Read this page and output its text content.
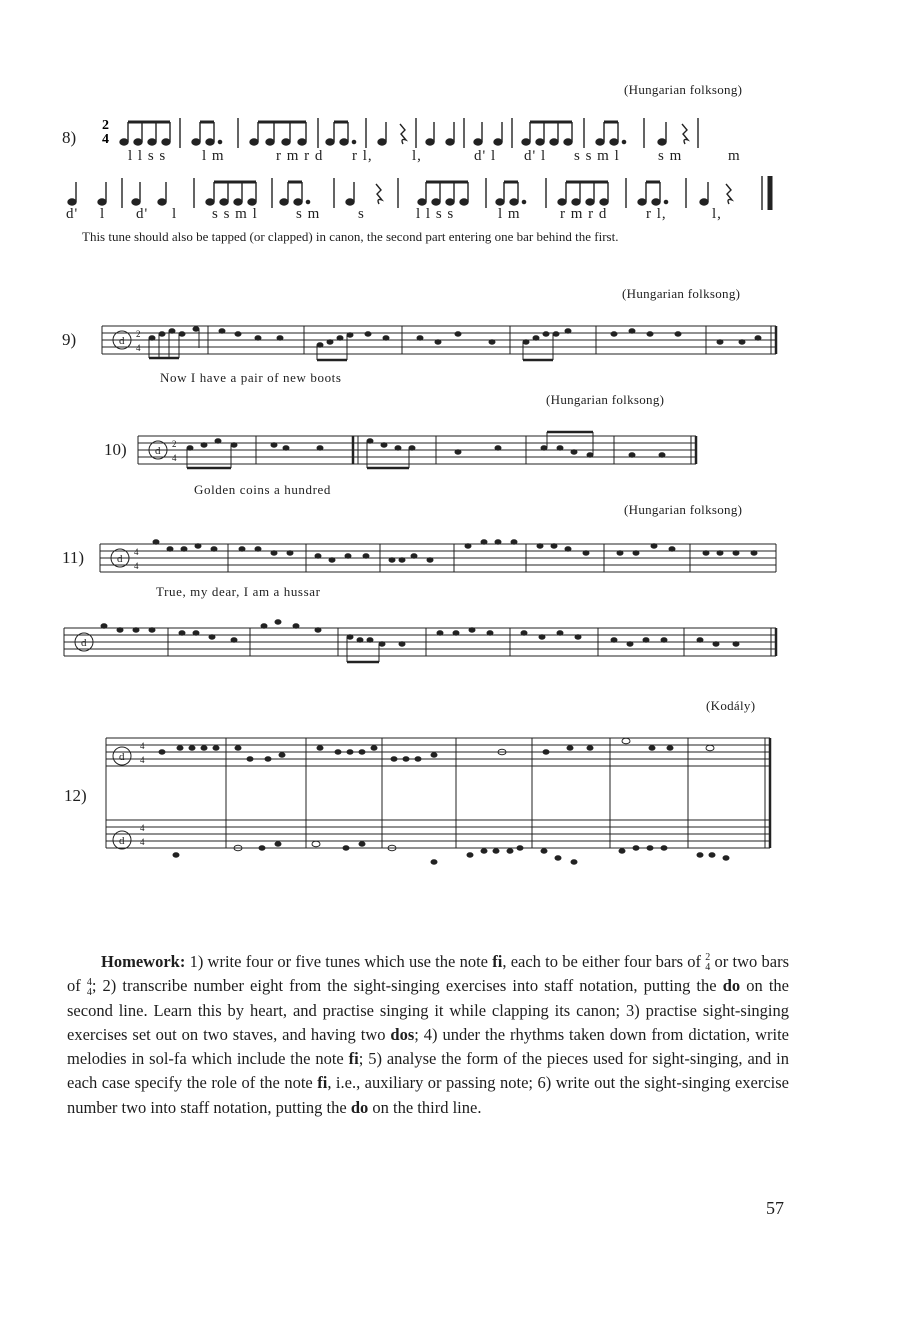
(Hungarian folksong)
8)
2
4
l l s s l m	r m r d r l,	l,	d' l d' l s s m l	s m	m
d' l d' l s s m l	s m	s	l l s s	l m	r m r d	r l,	l,
This tune should also be tapped (or clapped) in canon, the second part entering one bar behind the first.
(Hungarian folksong)
9)	d
2
4
Now I have a pair of new boots
(Hungarian folksong)
10)	d
2
4
Golden coins a hundred
(Hungarian folksong)
11)	d
4
4
True, my dear, I am a hussar
d
(Kodály)
12)
d
d
4
4
4
4
Homework: 1) write four or five tunes which use the note fi, each to be either four bars of 2
4 or two bars of 4
4; 2) transcribe number eight from the sight-singing exercises into staff notation, putting the do on the second line. Learn this by heart, and practise singing it while clapping its canon; 3) practise sight-singing exercises set out on two staves, and having two dos; 4) under the rhythms taken down from dictation, write melodies in sol-fa which include the note fi; 5) analyse the form of the pieces used for sight-singing, and in each case specify the role of the note fi, i.e., auxiliary or passing note; 6) write out the sight-singing exercise number two into staff notation, putting the do on the third line.
57
